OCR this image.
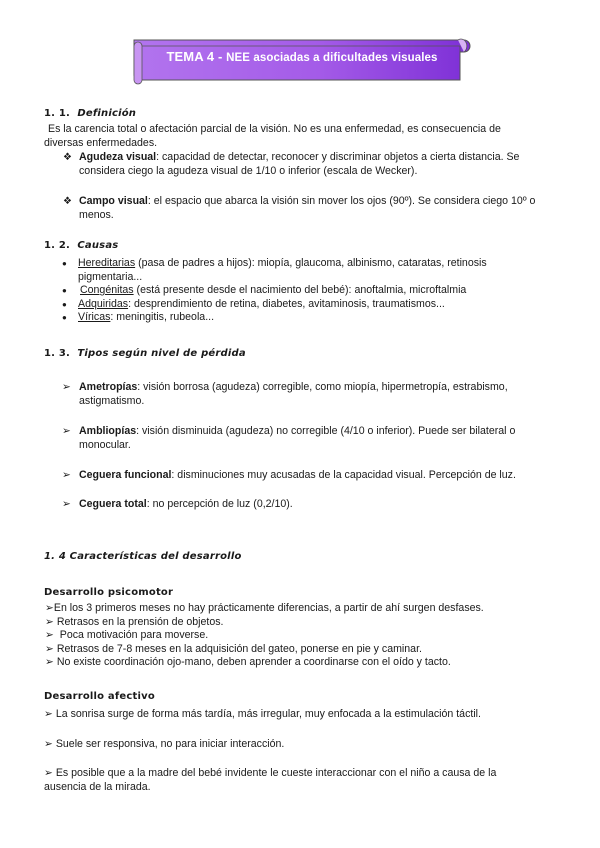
TEMA 4 - NEE asociadas a dificultades visuales
1. 1. Definición
Es la carencia total o afectación parcial de la visión. No es una enfermedad, es consecuencia de
diversas enfermedades.
❖ Agudeza visual: capacidad de detectar, reconocer y discriminar objetos a cierta distancia. Se
considera ciego la agudeza visual de 1/10 o inferior (escala de Wecker).
❖ Campo visual: el espacio que abarca la visión sin mover los ojos (90º). Se considera ciego 10º o
menos.
1. 2. Causas
● Hereditarias (pasa de padres a hijos): miopía, glaucoma, albinismo, cataratas, retinosis
pigmentaria...
● Congénitas (está presente desde el nacimiento del bebé): anoftalmia, microftalmia
● Adquiridas: desprendimiento de retina, diabetes, avitaminosis, traumatismos...
● Víricas: meningitis, rubeola...
1. 3. Tipos según nivel de pérdida
➢ Ametropías: visión borrosa (agudeza) corregible, como miopía, hipermetropía, estrabismo,
astigmatismo.
➢ Ambliopías: visión disminuida (agudeza) no corregible (4/10 o inferior). Puede ser bilateral o
monocular.
➢ Ceguera funcional: disminuciones muy acusadas de la capacidad visual. Percepción de luz.
➢ Ceguera total: no percepción de luz (0,2/10).
1. 4 Características del desarrollo
Desarrollo psicomotor
➢En los 3 primeros meses no hay prácticamente diferencias, a partir de ahí surgen desfases.
➢ Retrasos en la prensión de objetos.
➢ Poca motivación para moverse.
➢ Retrasos de 7-8 meses en la adquisición del gateo, ponerse en pie y caminar.
➢ No existe coordinación ojo-mano, deben aprender a coordinarse con el oído y tacto.
Desarrollo afectivo
➢ La sonrisa surge de forma más tardía, más irregular, muy enfocada a la estimulación táctil.
➢ Suele ser responsiva, no para iniciar interacción.
➢ Es posible que a la madre del bebé invidente le cueste interaccionar con el niño a causa de la
ausencia de la mirada.
